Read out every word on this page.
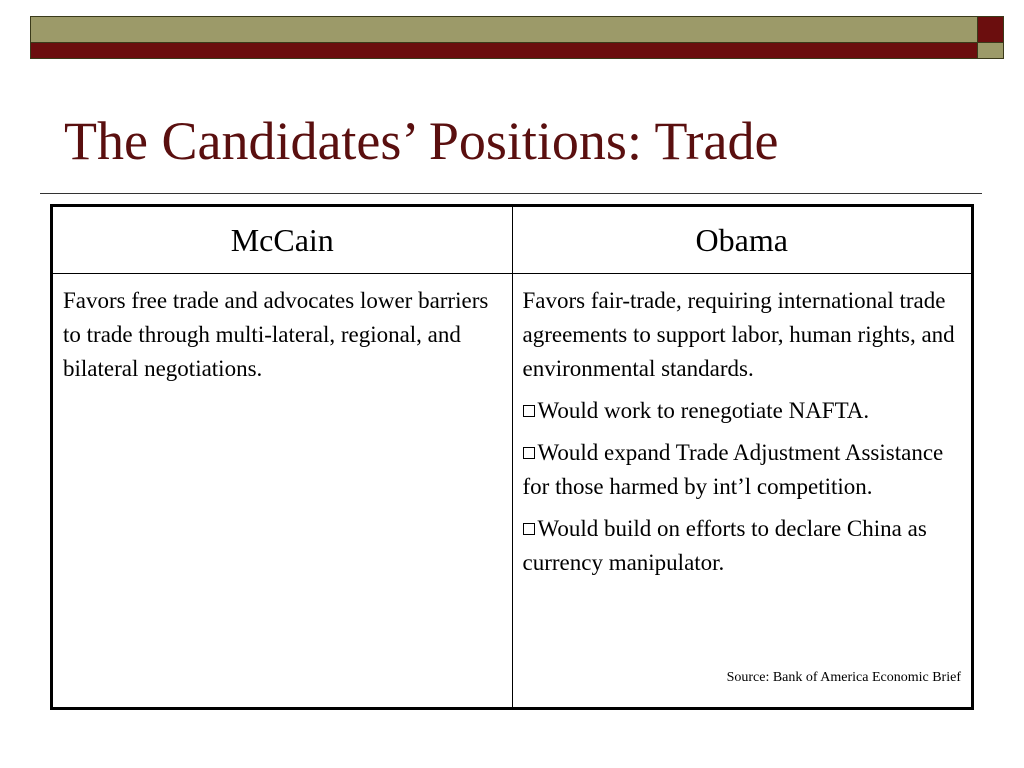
The Candidates’ Positions: Trade
McCain	Obama

Favors free trade and advocates lower barriers to trade through multi-lateral, regional, and bilateral negotiations.	Favors fair-trade, requiring international trade agreements to support labor, human rights, and environmental standards.
Would work to renegotiate NAFTA.
Would expand Trade Adjustment Assistance for those harmed by int’l competition.
Would build on efforts to declare China as currency manipulator.
Source: Bank of America Economic Brief
